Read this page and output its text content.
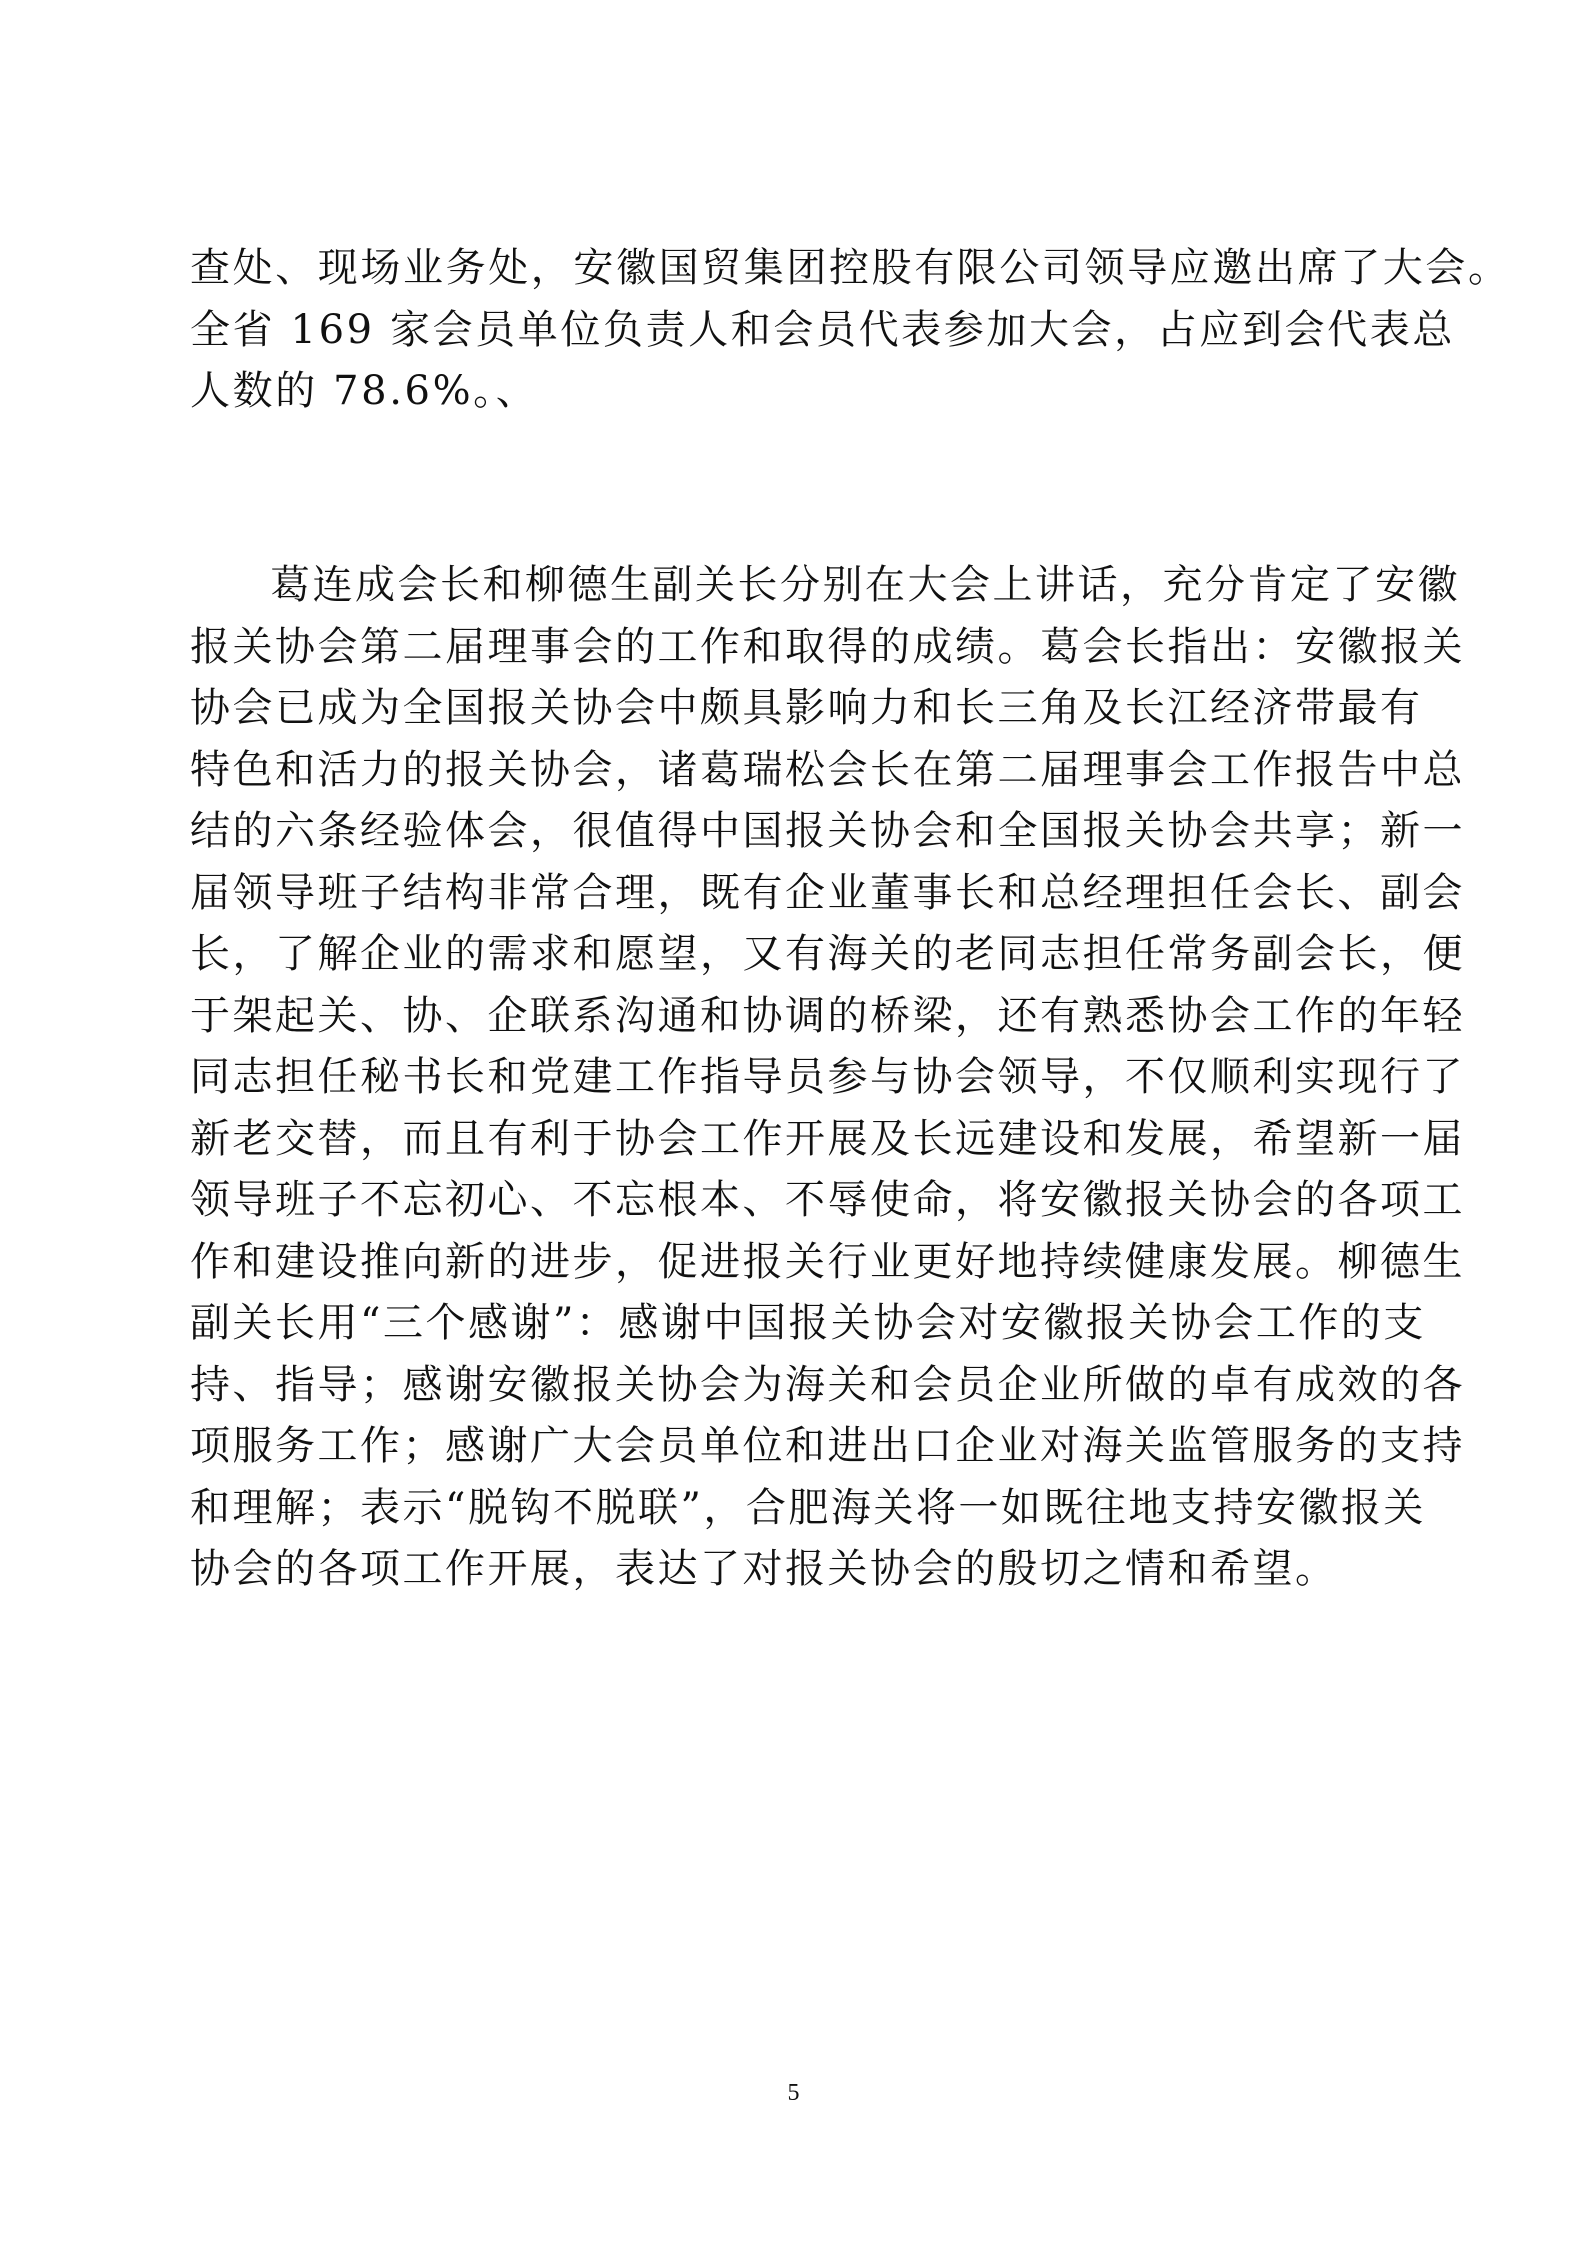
查处、现场业务处，安徽国贸集团控股有限公司领导应邀出席了大会。
全省 169 家会员单位负责人和会员代表参加大会，占应到会代表总
人数的 78.6%。、
葛连成会长和柳德生副关长分别在大会上讲话，充分肯定了安徽
报关协会第二届理事会的工作和取得的成绩。葛会长指出：安徽报关
协会已成为全国报关协会中颇具影响力和长三角及长江经济带最有
特色和活力的报关协会，诸葛瑞松会长在第二届理事会工作报告中总
结的六条经验体会，很值得中国报关协会和全国报关协会共享；新一
届领导班子结构非常合理，既有企业董事长和总经理担任会长、副会
长，了解企业的需求和愿望，又有海关的老同志担任常务副会长，便
于架起关、协、企联系沟通和协调的桥梁，还有熟悉协会工作的年轻
同志担任秘书长和党建工作指导员参与协会领导，不仅顺利实现行了
新老交替，而且有利于协会工作开展及长远建设和发展，希望新一届
领导班子不忘初心、不忘根本、不辱使命，将安徽报关协会的各项工
作和建设推向新的进步，促进报关行业更好地持续健康发展。柳德生
副关长用“三个感谢”：感谢中国报关协会对安徽报关协会工作的支
持、指导；感谢安徽报关协会为海关和会员企业所做的卓有成效的各
项服务工作；感谢广大会员单位和进出口企业对海关监管服务的支持
和理解；表示“脱钩不脱联”，合肥海关将一如既往地支持安徽报关
协会的各项工作开展，表达了对报关协会的殷切之情和希望。
5
